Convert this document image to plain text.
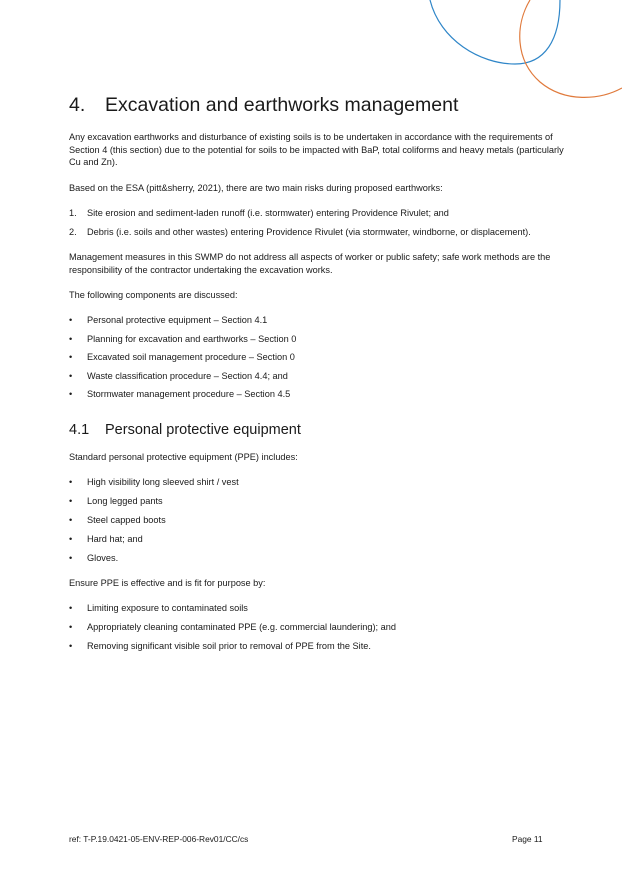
4. Excavation and earthworks management

Any excavation earthworks and disturbance of existing soils is to be undertaken in accordance with the requirements of Section 4 (this section) due to the potential for soils to be impacted with BaP, total coliforms and heavy metals (particularly Cu and Zn).

Based on the ESA (pitt&sherry, 2021), there are two main risks during proposed earthworks:

1. Site erosion and sediment-laden runoff (i.e. stormwater) entering Providence Rivulet; and
2. Debris (i.e. soils and other wastes) entering Providence Rivulet (via stormwater, windborne, or displacement).

Management measures in this SWMP do not address all aspects of worker or public safety; safe work methods are the responsibility of the contractor undertaking the excavation works.

The following components are discussed:

• Personal protective equipment – Section 4.1
• Planning for excavation and earthworks – Section 0
• Excavated soil management procedure – Section 0
• Waste classification procedure – Section 4.4; and
• Stormwater management procedure – Section 4.5
4.1 Personal protective equipment

Standard personal protective equipment (PPE) includes:

• High visibility long sleeved shirt / vest
• Long legged pants
• Steel capped boots
• Hard hat; and
• Gloves.

Ensure PPE is effective and is fit for purpose by:

• Limiting exposure to contaminated soils
• Appropriately cleaning contaminated PPE (e.g. commercial laundering); and
• Removing significant visible soil prior to removal of PPE from the Site.
ref: T-P.19.0421-05-ENV-REP-006-Rev01/CC/cs	Page 11
